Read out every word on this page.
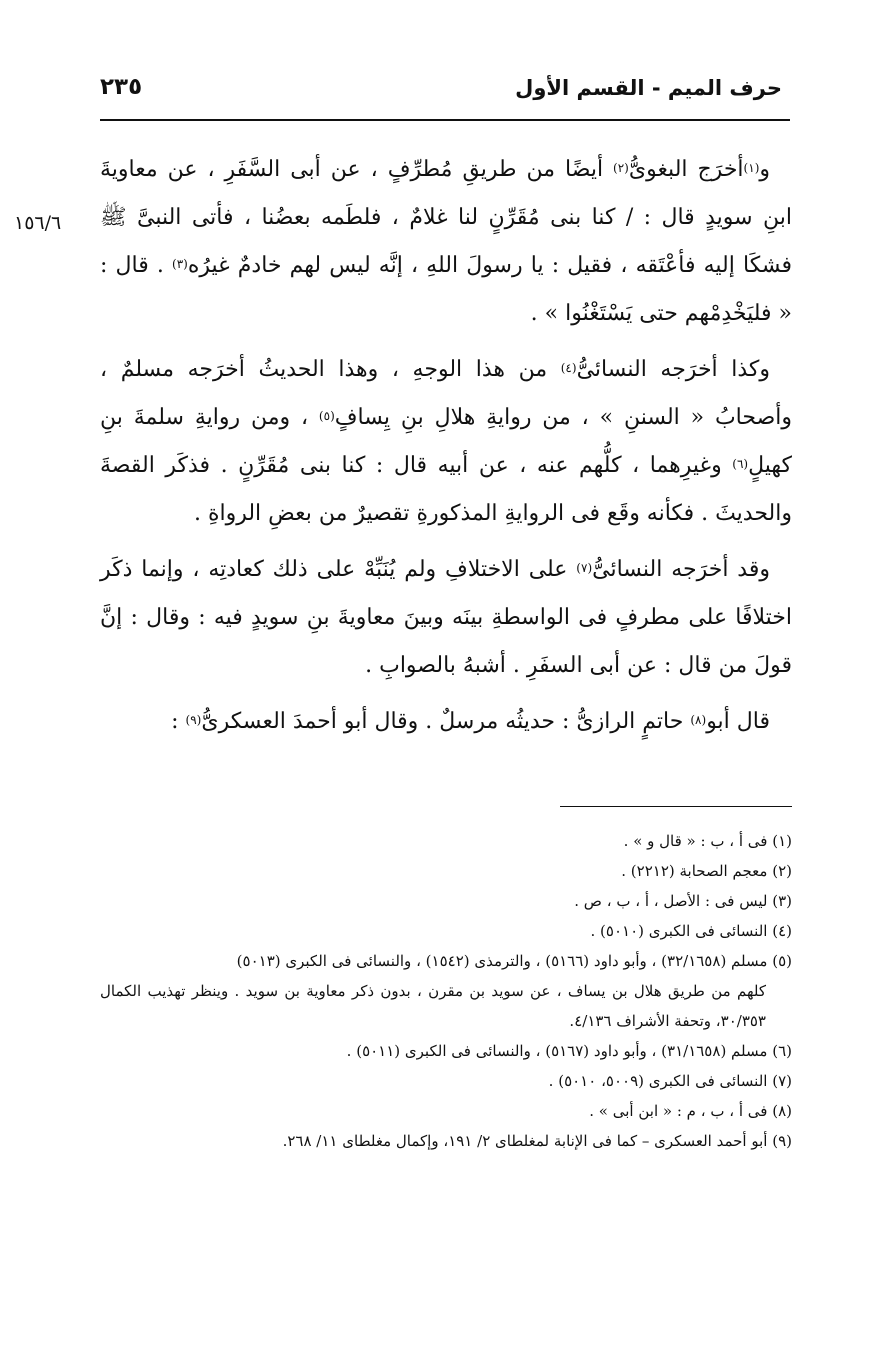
حرف الميم - القسم الأول
٢٣٥
١٥٦/٦

و$^{(١)}$أخرَج البغوىُّ$^{(٢)}$ أيضًا من طريقِ مُطرِّفٍ ، عن أبى السَّفَرِ ، عن معاويةَ ابنِ سويدٍ قال : / كنا بنى مُقَرِّنٍ لنا غلامٌ ، فلطَمه بعضُنا ، فأتى النبىَّ ﷺ فشكَا إليه فأعْتَقه ، فقيل : يا رسولَ اللهِ ، إنَّه ليس لهم خادمٌ غيرُه$^{(٣)}$ . قال : « فليَخْدِمْهم حتى يَسْتَغْنُوا » .

وكذا أخرَجه النسائىُّ$^{(٤)}$ من هذا الوجهِ ، وهذا الحديثُ أخرَجه مسلمٌ ، وأصحابُ « السننِ » ، من روايةِ هلالِ بنِ يِسافٍ$^{(٥)}$ ، ومن روايةِ سلمةَ بنِ كهيلٍ$^{(٦)}$ وغيرِهما ، كلُّهم عنه ، عن أبيه قال : كنا بنى مُقَرِّنٍ . فذكَر القصةَ والحديثَ . فكأنه وقَع فى الروايةِ المذكورةِ تقصيرٌ من بعضِ الرواةِ .

وقد أخرَجه النسائىُّ$^{(٧)}$ على الاختلافِ ولم يُنَبِّهْ على ذلك كعادتِه ، وإنما ذكَر اختلافًا على مطرفٍ فى الواسطةِ بينَه وبينَ معاويةَ بنِ سويدٍ فيه : وقال : إنَّ قولَ من قال : عن أبى السفَرِ . أشبهُ بالصوابِ .

قال أبو$^{(٨)}$ حاتمٍ الرازىُّ : حديثُه مرسلٌ . وقال أبو أحمدَ العسكرىُّ$^{(٩)}$ :

(١) فى أ ، ب : « قال و » .

(٢) معجم الصحابة (٢٢١٢) .

(٣) ليس فى : الأصل ، أ ، ب ، ص .

(٤) النسائى فى الكبرى (٥٠١٠) .

(٥) مسلم (٣٢/١٦٥٨) ، وأبو داود (٥١٦٦) ، والترمذى (١٥٤٢) ، والنسائى فى الكبرى (٥٠١٣)
كلهم من طريق هلال بن يساف ، عن سويد بن مقرن ، بدون ذكر معاوية بن سويد . وينظر تهذيب الكمال ٣٠/٣٥٣، وتحفة الأشراف ٤/١٣٦.

(٦) مسلم (٣١/١٦٥٨) ، وأبو داود (٥١٦٧) ، والنسائى فى الكبرى (٥٠١١) .

(٧) النسائى فى الكبرى (٥٠٠٩، ٥٠١٠) .

(٨) فى أ ، ب ، م : « ابن أبى » .

(٩) أبو أحمد العسكرى – كما فى الإنابة لمغلطاى ٢/ ١٩١، وإكمال مغلطاى ١١/ ٢٦٨.
